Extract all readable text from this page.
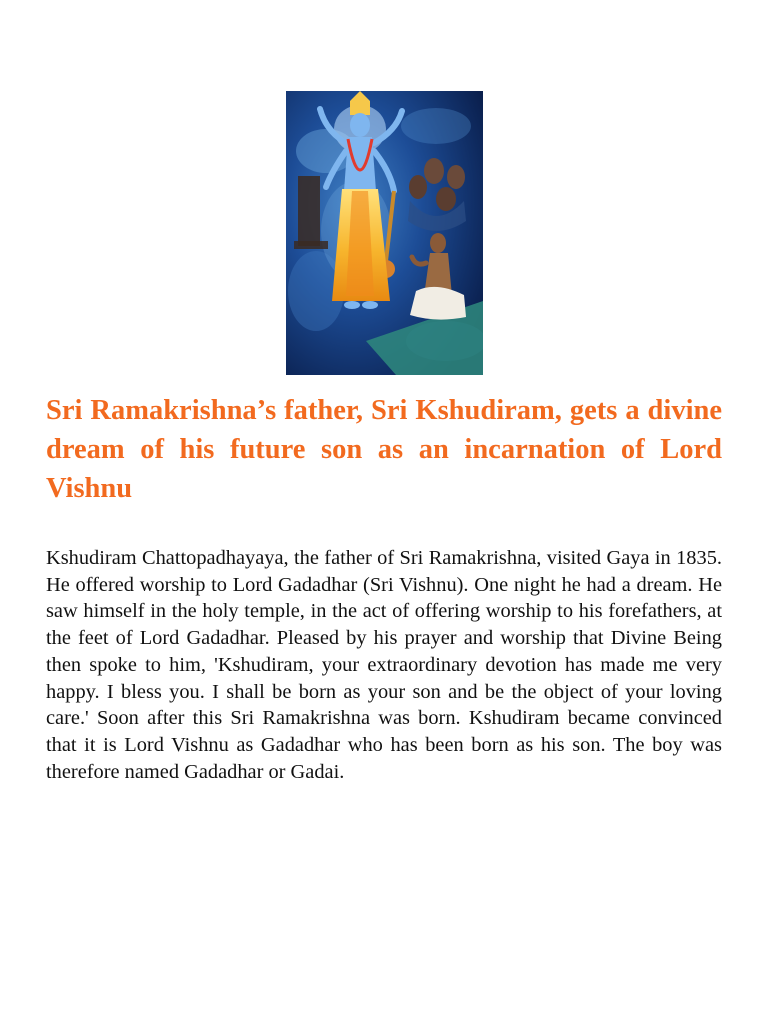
Sri Ramakrishna’s father, Sri Kshudiram, gets a divine dream of his future son as an incarnation of Lord Vishnu

Kshudiram Chattopadhayaya, the father of Sri Ramakrishna, visited Gaya in 1835. He offered worship to Lord Gadadhar (Sri Vishnu). One night he had a dream. He saw himself in the holy temple, in the act of offering worship to his forefathers, at the feet of Lord Gadadhar. Pleased by his prayer and worship that Divine Being then spoke to him, 'Kshudiram, your extraordinary devotion has made me very happy. I bless you. I shall be born as your son and be the object of your loving care.' Soon after this Sri Ramakrishna was born. Kshudiram became convinced that it is Lord Vishnu as Gadadhar who has been born as his son. The boy was therefore named Gadadhar or Gadai.
